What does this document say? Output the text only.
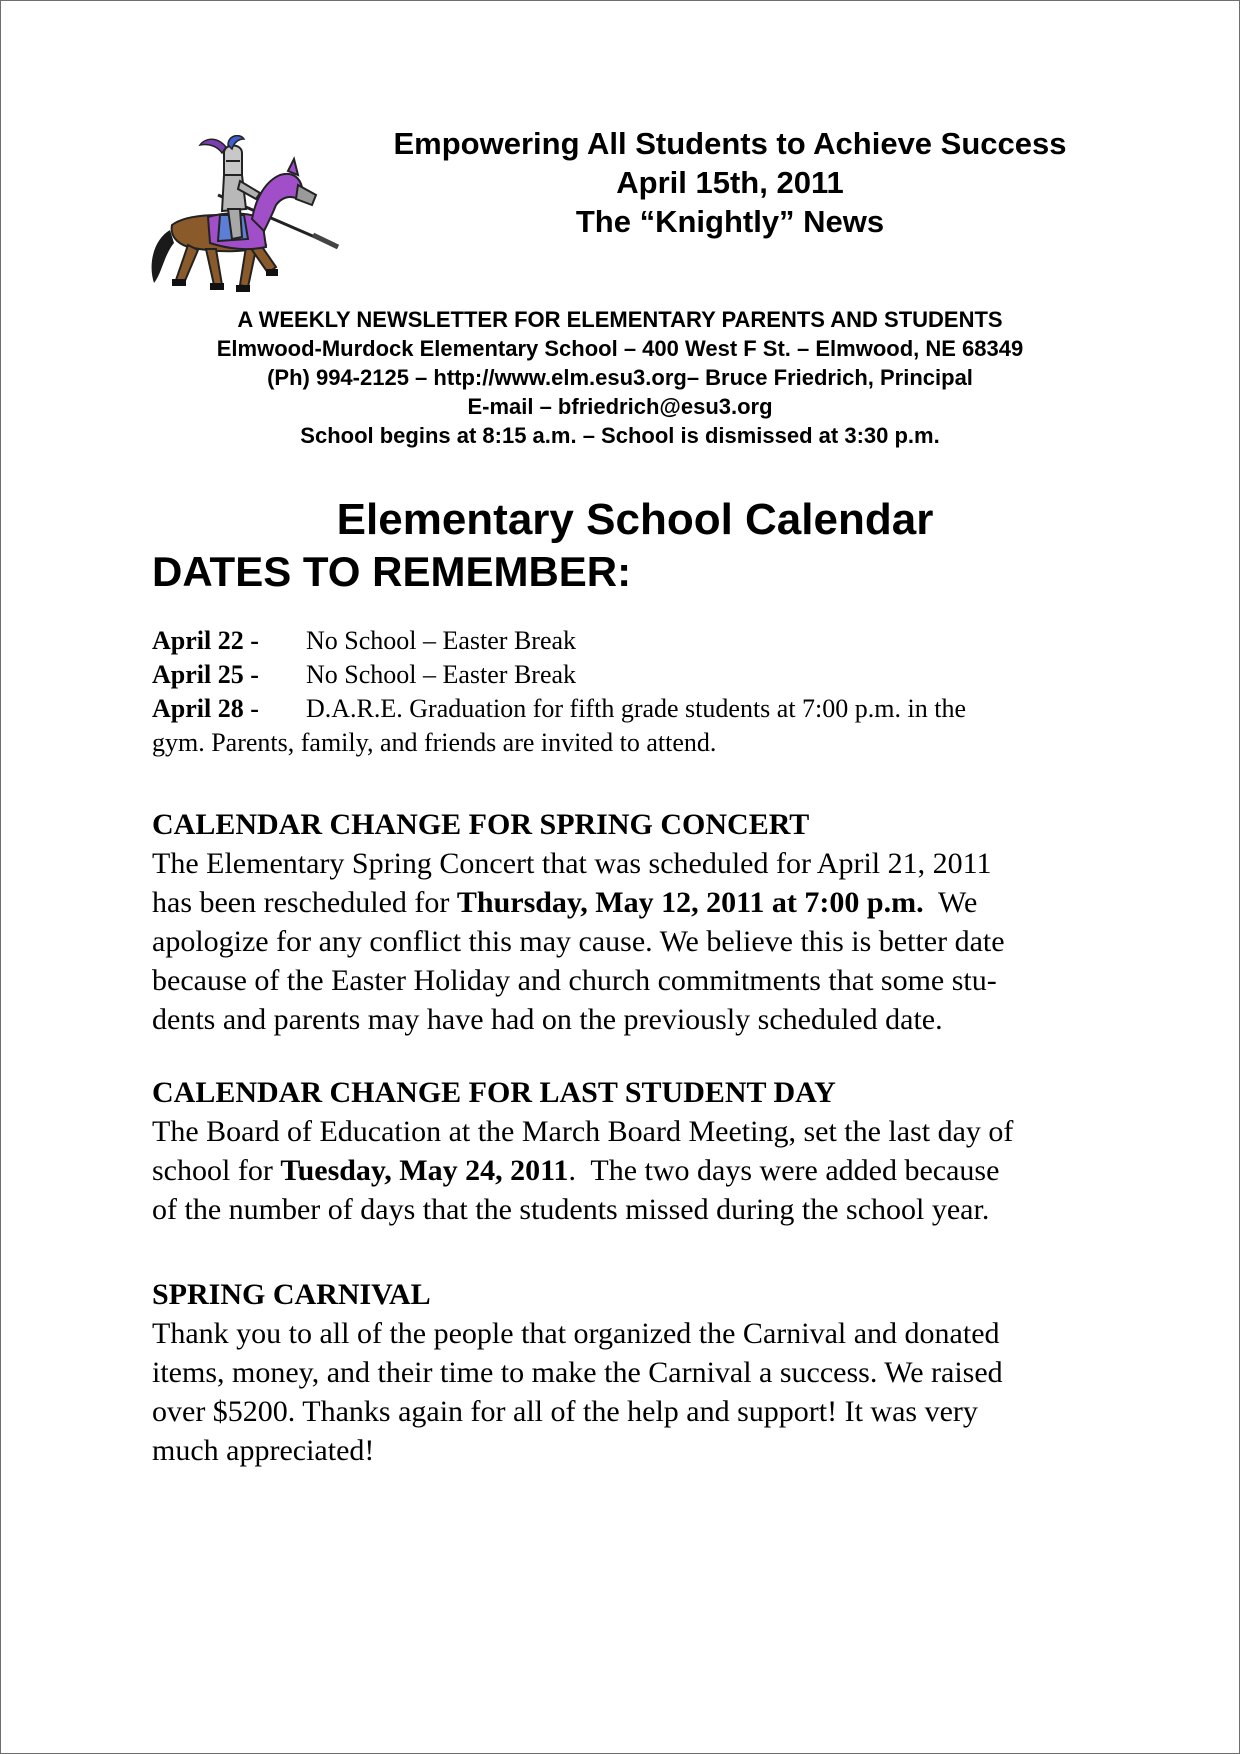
Empowering All Students to Achieve Success
April 15th, 2011
The “Knightly” News
A WEEKLY NEWSLETTER FOR ELEMENTARY PARENTS AND STUDENTS
Elmwood-Murdock Elementary School – 400 West F St. – Elmwood, NE 68349
(Ph) 994-2125 – http://www.elm.esu3.org– Bruce Friedrich, Principal
E-mail – bfriedrich@esu3.org
School begins at 8:15 a.m. – School is dismissed at 3:30 p.m.
Elementary School Calendar
DATES TO REMEMBER:
April 22 - No School – Easter Break
April 25 - No School – Easter Break
April 28 - D.A.R.E. Graduation for fifth grade students at 7:00 p.m. in the
gym. Parents, family, and friends are invited to attend.
CALENDAR CHANGE FOR SPRING CONCERT
The Elementary Spring Concert that was scheduled for April 21, 2011
has been rescheduled for Thursday, May 12, 2011 at 7:00 p.m.  We
apologize for any conflict this may cause. We believe this is better date
because of the Easter Holiday and church commitments that some stu-
dents and parents may have had on the previously scheduled date.
CALENDAR CHANGE FOR LAST STUDENT DAY
The Board of Education at the March Board Meeting, set the last day of
school for Tuesday, May 24, 2011.  The two days were added because
of the number of days that the students missed during the school year.
SPRING CARNIVAL
Thank you to all of the people that organized the Carnival and donated
items, money, and their time to make the Carnival a success. We raised
over $5200. Thanks again for all of the help and support! It was very
much appreciated!
